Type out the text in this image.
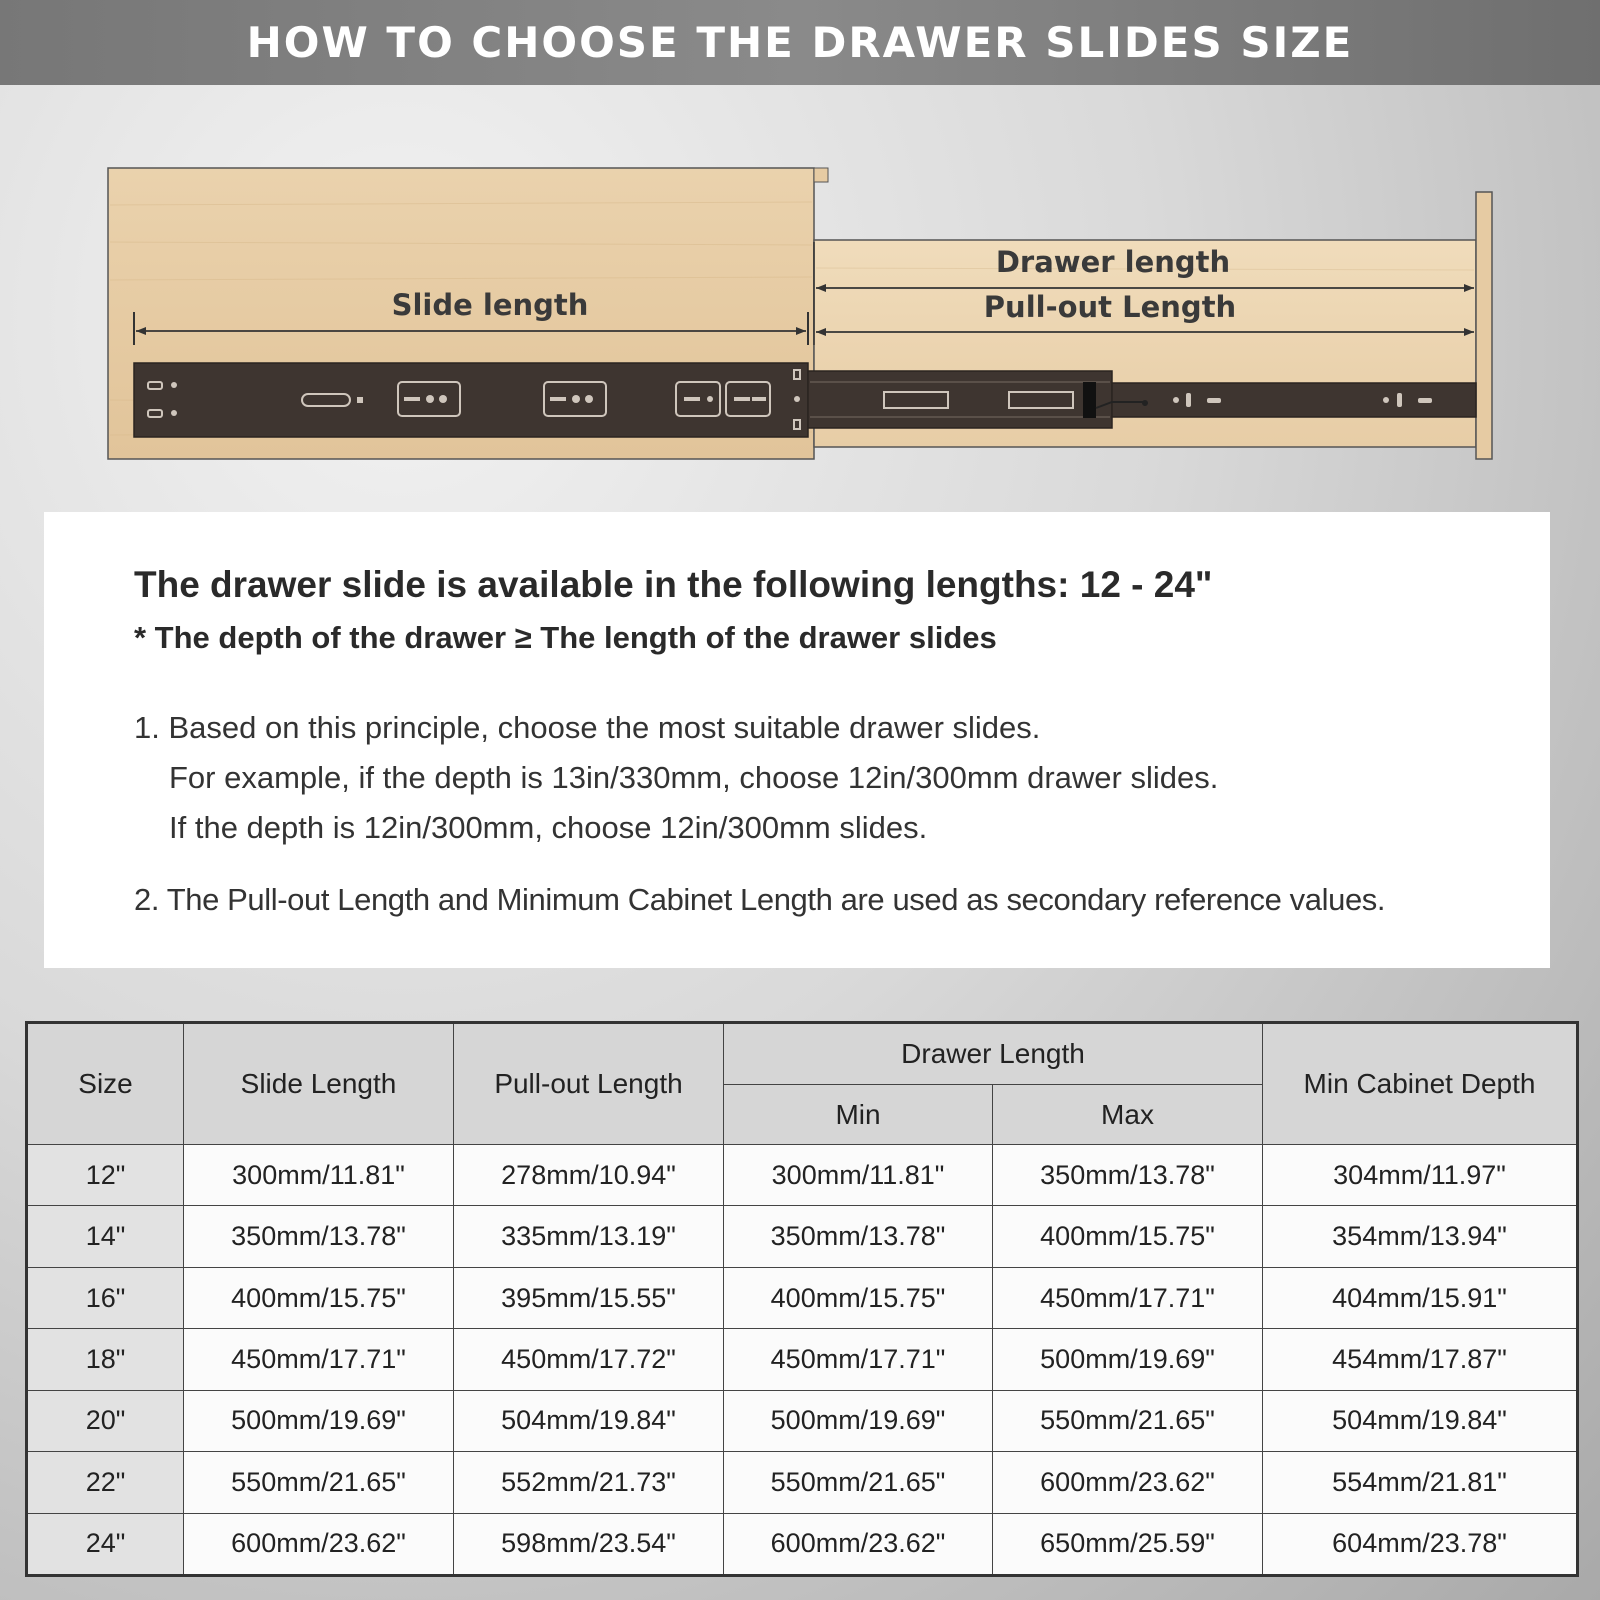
HOW TO CHOOSE THE DRAWER SLIDES SIZE
Slide length
Drawer length
Pull-out Length

The drawer slide is available in the following lengths: 12 - 24"

* The depth of the drawer ≥ The length of the drawer slides

1. Based on this principle, choose the most suitable drawer slides.

For example, if the depth is 13in/330mm, choose 12in/300mm drawer slides.

If the depth is 12in/300mm, choose 12in/300mm slides.

2. The Pull-out Length and Minimum Cabinet Length are used as secondary reference values.

Size	Slide Length	Pull-out Length	Drawer Length		Min Cabinet Depth
			Min	Max	
12"	300mm/11.81"	278mm/10.94"	300mm/11.81"	350mm/13.78"	304mm/11.97"
14"	350mm/13.78"	335mm/13.19"	350mm/13.78"	400mm/15.75"	354mm/13.94"
16"	400mm/15.75"	395mm/15.55"	400mm/15.75"	450mm/17.71"	404mm/15.91"
18"	450mm/17.71"	450mm/17.72"	450mm/17.71"	500mm/19.69"	454mm/17.87"
20"	500mm/19.69"	504mm/19.84"	500mm/19.69"	550mm/21.65"	504mm/19.84"
22"	550mm/21.65"	552mm/21.73"	550mm/21.65"	600mm/23.62"	554mm/21.81"
24"	600mm/23.62"	598mm/23.54"	600mm/23.62"	650mm/25.59"	604mm/23.78"
